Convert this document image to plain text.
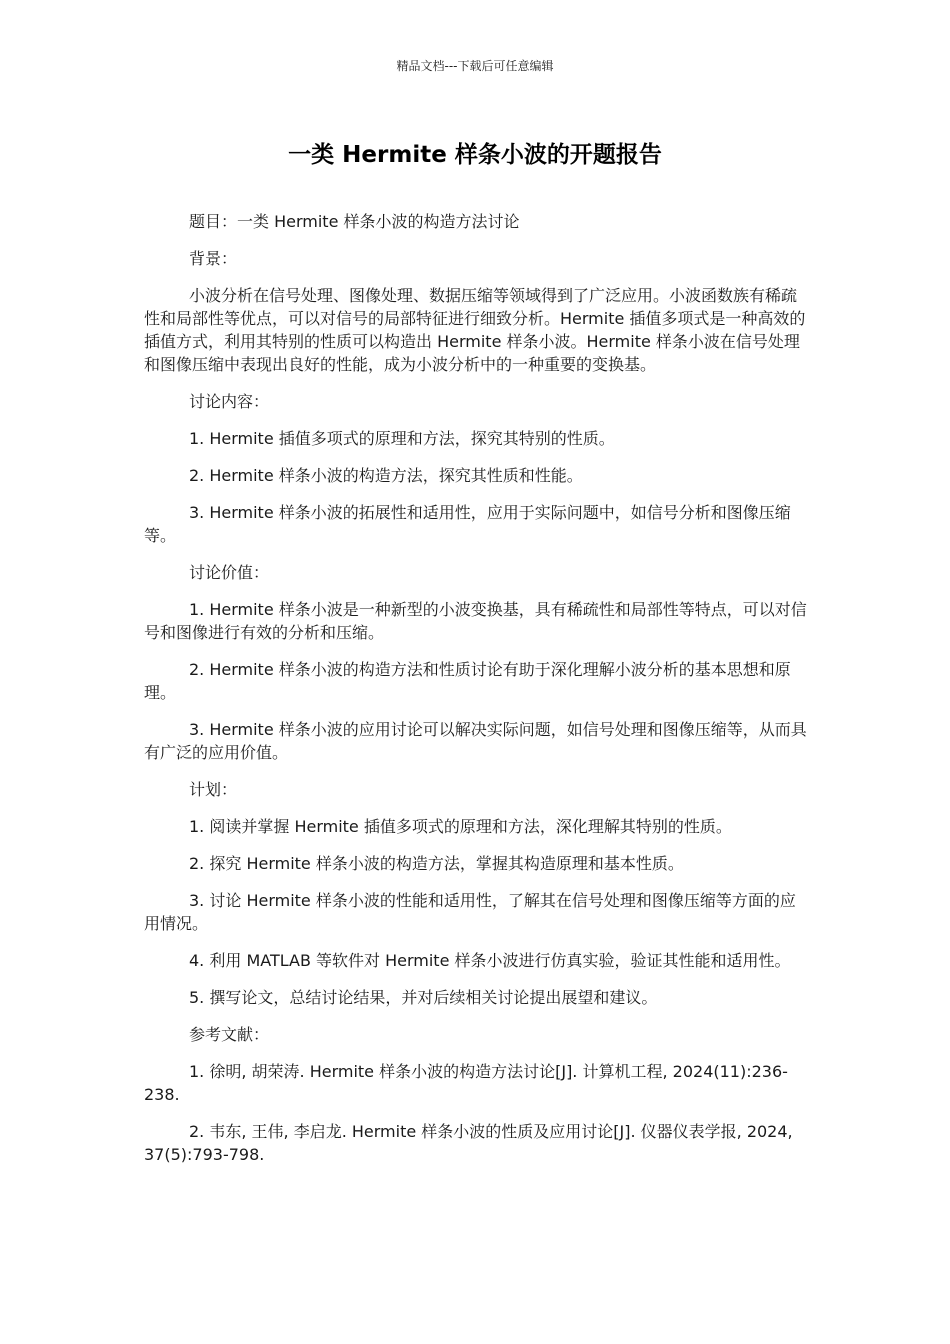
精品文档---下载后可任意编辑
一类 Hermite 样条小波的开题报告

题目：一类 Hermite 样条小波的构造方法讨论

背景：

小波分析在信号处理、图像处理、数据压缩等领域得到了广泛应用。小波函数族有稀疏性和局部性等优点，可以对信号的局部特征进行细致分析。Hermite 插值多项式是一种高效的插值方式，利用其特别的性质可以构造出 Hermite 样条小波。Hermite 样条小波在信号处理和图像压缩中表现出良好的性能，成为小波分析中的一种重要的变换基。

讨论内容：

1. Hermite 插值多项式的原理和方法，探究其特别的性质。

2. Hermite 样条小波的构造方法，探究其性质和性能。

3. Hermite 样条小波的拓展性和适用性，应用于实际问题中，如信号分析和图像压缩等。

讨论价值：

1. Hermite 样条小波是一种新型的小波变换基，具有稀疏性和局部性等特点，可以对信号和图像进行有效的分析和压缩。

2. Hermite 样条小波的构造方法和性质讨论有助于深化理解小波分析的基本思想和原理。

3. Hermite 样条小波的应用讨论可以解决实际问题，如信号处理和图像压缩等，从而具有广泛的应用价值。

计划：

1. 阅读并掌握 Hermite 插值多项式的原理和方法，深化理解其特别的性质。

2. 探究 Hermite 样条小波的构造方法，掌握其构造原理和基本性质。

3. 讨论 Hermite 样条小波的性能和适用性，了解其在信号处理和图像压缩等方面的应用情况。

4. 利用 MATLAB 等软件对 Hermite 样条小波进行仿真实验，验证其性能和适用性。

5. 撰写论文，总结讨论结果，并对后续相关讨论提出展望和建议。

参考文献：

1. 徐明, 胡荣涛. Hermite 样条小波的构造方法讨论[J]. 计算机工程, 2024(11):236-238.

2. 韦东, 王伟, 李启龙. Hermite 样条小波的性质及应用讨论[J]. 仪器仪表学报, 2024, 37(5):793-798.
